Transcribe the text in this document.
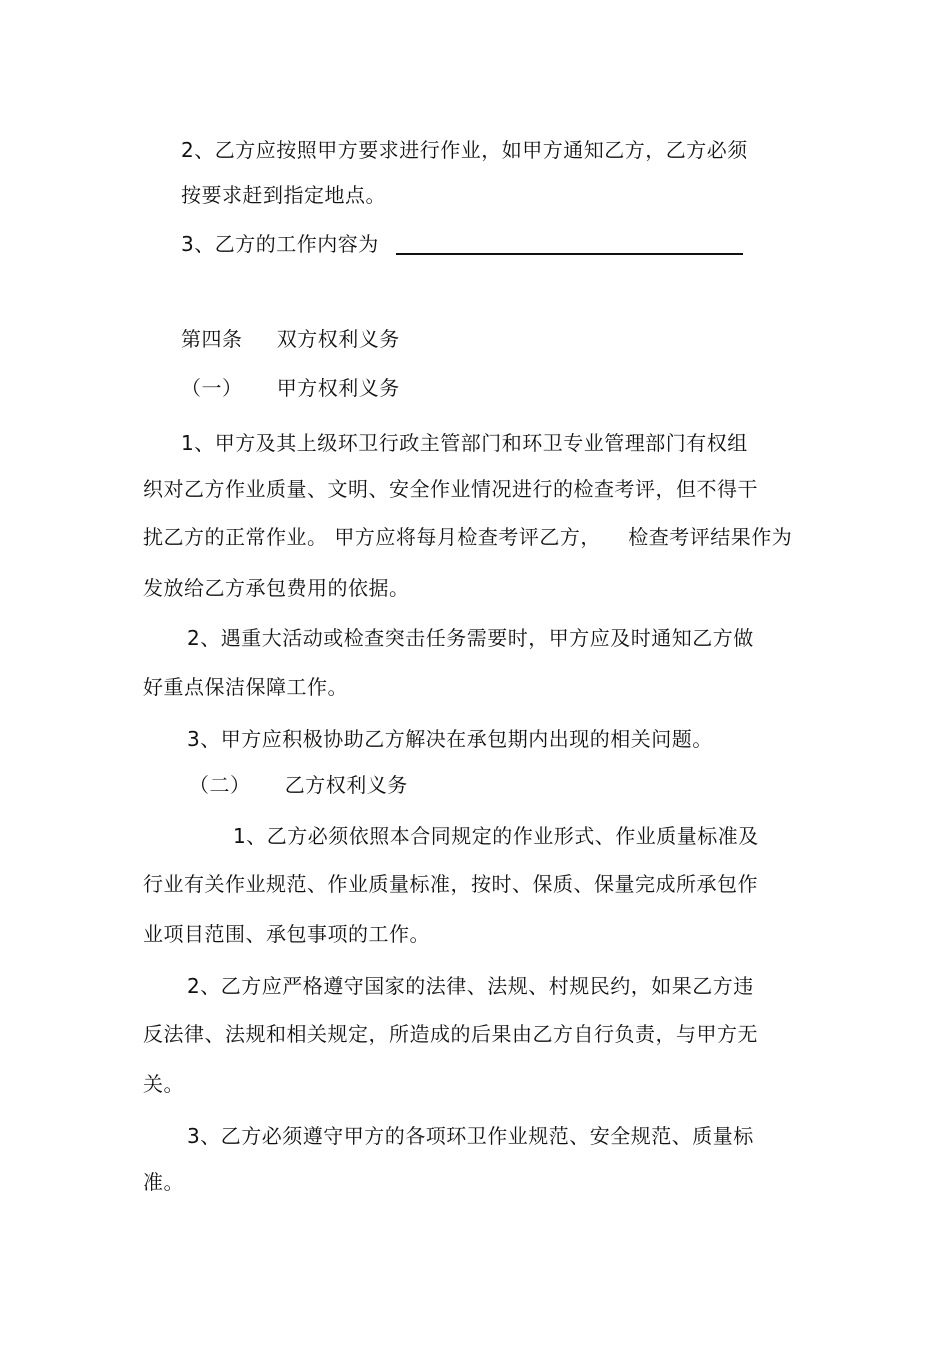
2、乙方应按照甲方要求进行作业，如甲方通知乙方，乙方必须
按要求赶到指定地点。
3、乙方的工作内容为
第四条     双方权利义务
（一）     甲方权利义务
1、甲方及其上级环卫行政主管部门和环卫专业管理部门有权组
织对乙方作业质量、文明、安全作业情况进行的检查考评，但不得干
扰乙方的正常作业。 甲方应将每月检查考评乙方，    检查考评结果作为
发放给乙方承包费用的依据。
2、遇重大活动或检查突击任务需要时，甲方应及时通知乙方做
好重点保洁保障工作。
3、甲方应积极协助乙方解决在承包期内出现的相关问题。
（二）     乙方权利义务
1、乙方必须依照本合同规定的作业形式、作业质量标准及
行业有关作业规范、作业质量标准，按时、保质、保量完成所承包作
业项目范围、承包事项的工作。
2、乙方应严格遵守国家的法律、法规、村规民约，如果乙方违
反法律、法规和相关规定，所造成的后果由乙方自行负责，与甲方无
关。
3、乙方必须遵守甲方的各项环卫作业规范、安全规范、质量标
准。
